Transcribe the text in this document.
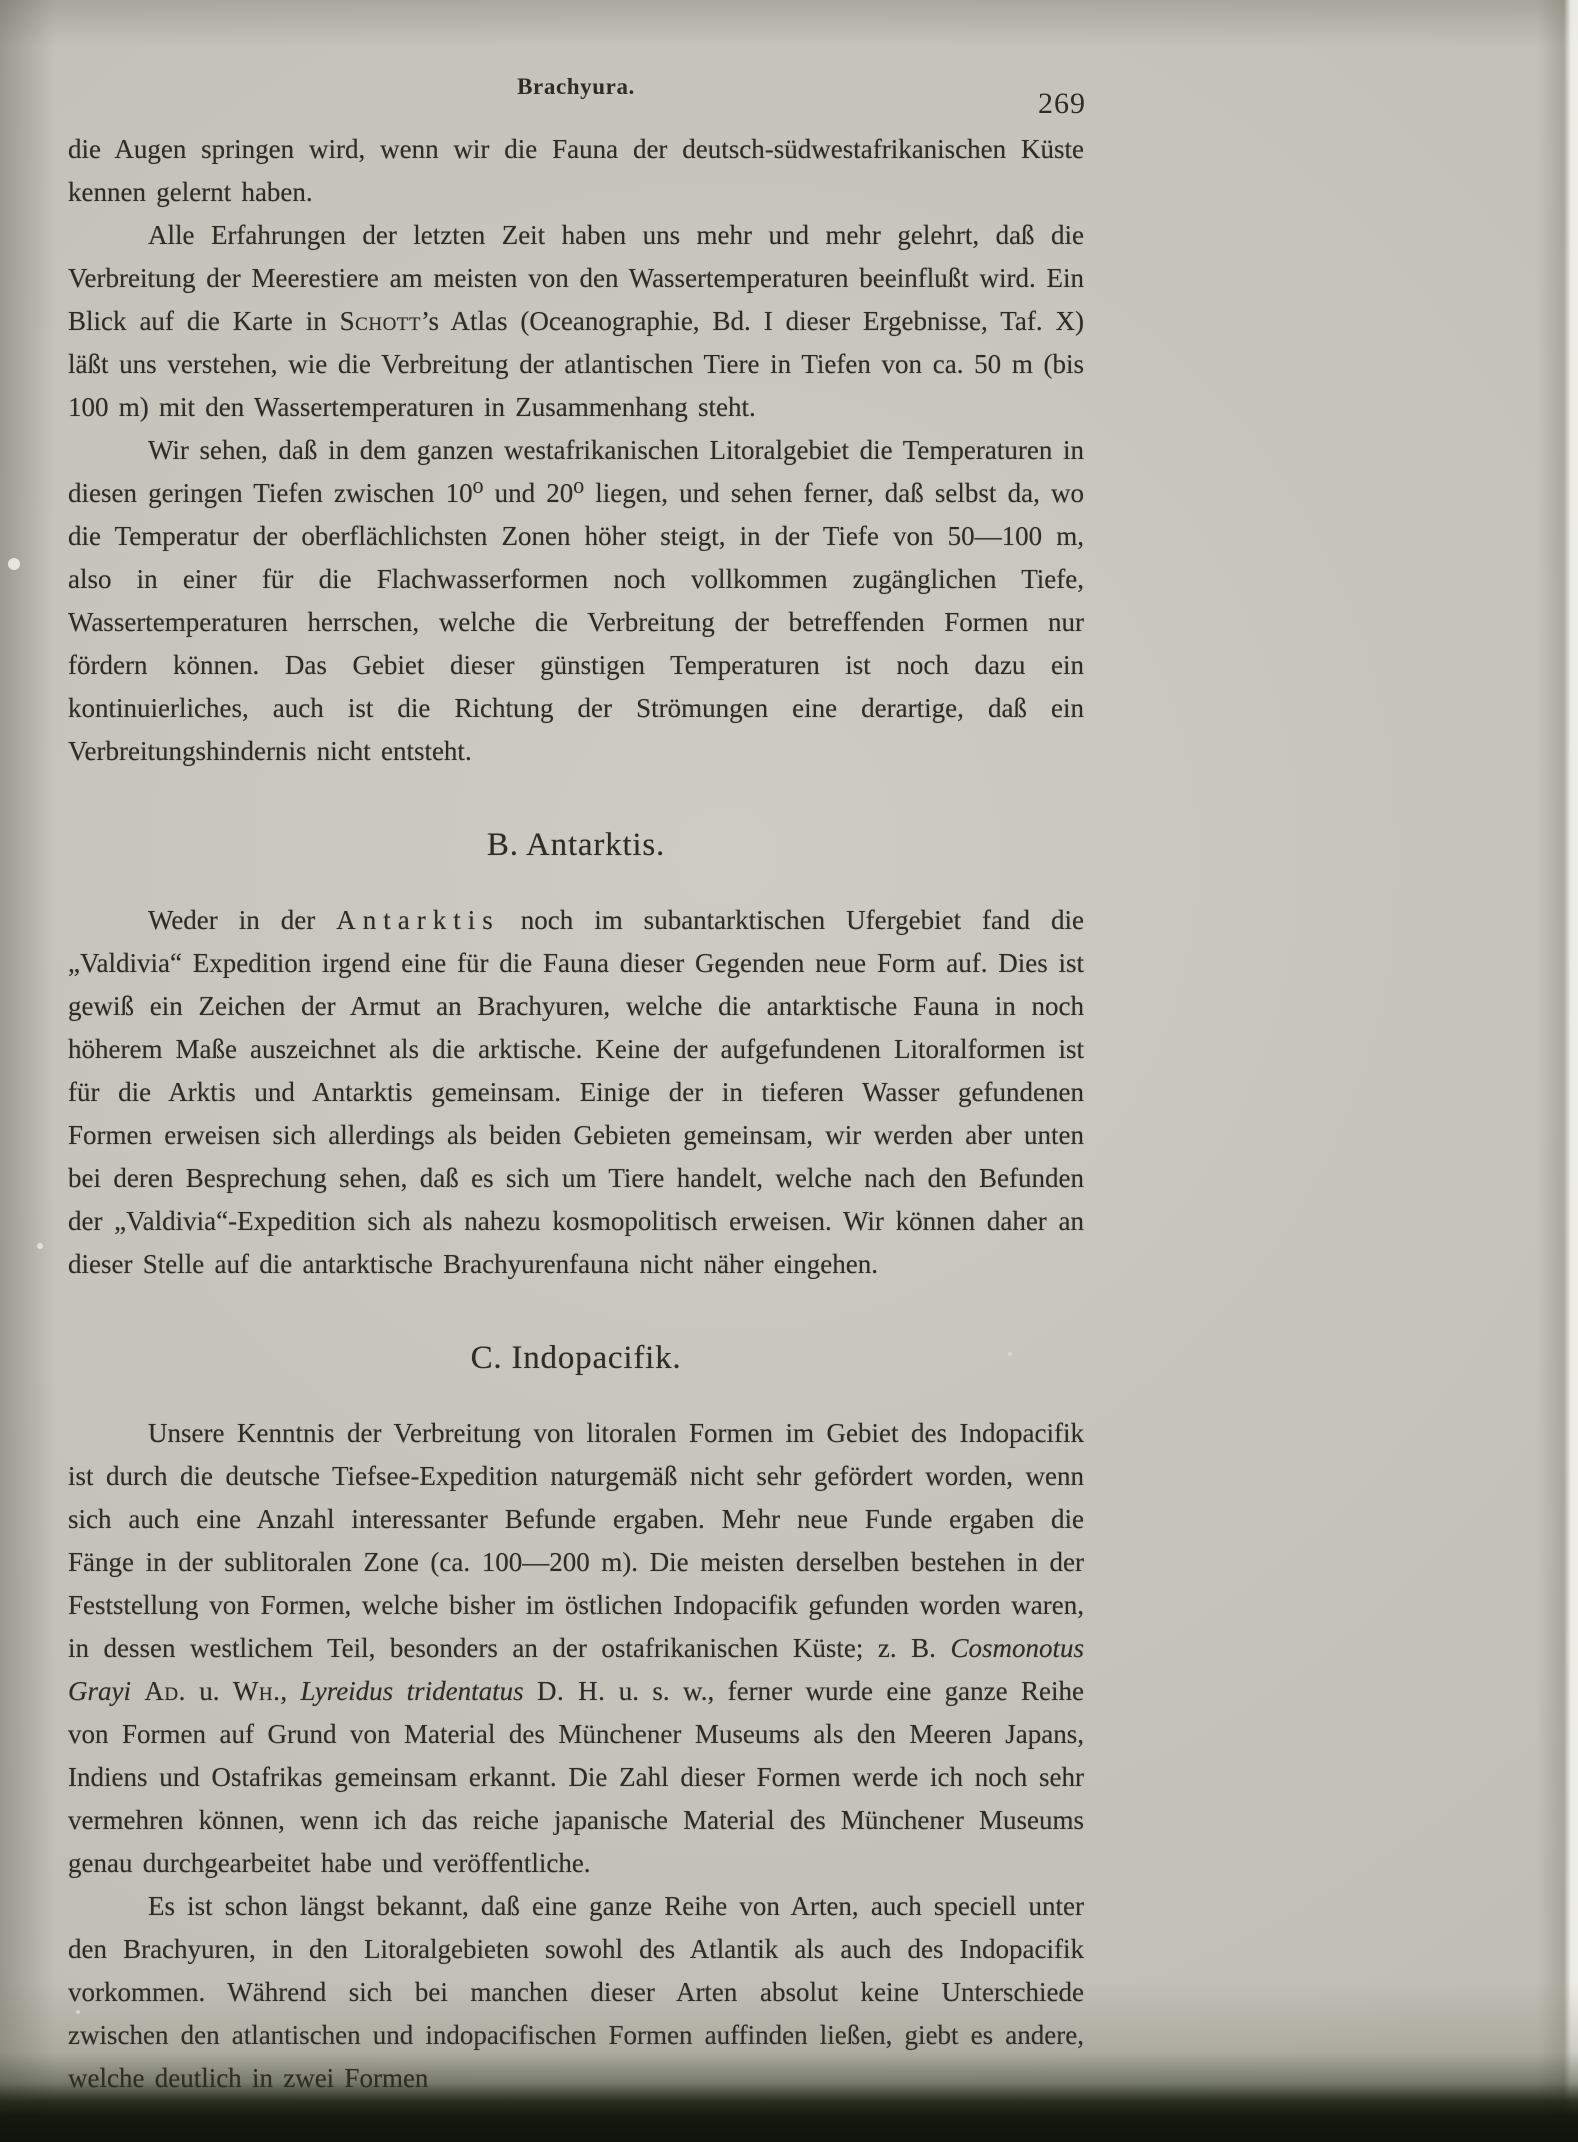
Brachyura.
269

die Augen springen wird, wenn wir die Fauna der deutsch-südwestafrikanischen Küste kennen gelernt haben.

Alle Erfahrungen der letzten Zeit haben uns mehr und mehr gelehrt, daß die Verbreitung der Meerestiere am meisten von den Wassertemperaturen beeinflußt wird. Ein Blick auf die Karte in Schott’s Atlas (Oceanographie, Bd. I dieser Ergebnisse, Taf. X) läßt uns verstehen, wie die Verbreitung der atlantischen Tiere in Tiefen von ca. 50 m (bis 100 m) mit den Wassertemperaturen in Zusammenhang steht.

Wir sehen, daß in dem ganzen westafrikanischen Litoralgebiet die Temperaturen in diesen geringen Tiefen zwischen 10⁰ und 20⁰ liegen, und sehen ferner, daß selbst da, wo die Temperatur der oberflächlichsten Zonen höher steigt, in der Tiefe von 50—100 m, also in einer für die Flachwasserformen noch vollkommen zugänglichen Tiefe, Wassertemperaturen herrschen, welche die Verbreitung der betreffenden Formen nur fördern können. Das Gebiet dieser günstigen Temperaturen ist noch dazu ein kontinuierliches, auch ist die Richtung der Strömungen eine derartige, daß ein Verbreitungshindernis nicht entsteht.

B. Antarktis.

Weder in der Antarktis noch im subantarktischen Ufergebiet fand die „Valdivia“ Expedition irgend eine für die Fauna dieser Gegenden neue Form auf. Dies ist gewiß ein Zeichen der Armut an Brachyuren, welche die antarktische Fauna in noch höherem Maße auszeichnet als die arktische. Keine der aufgefundenen Litoralformen ist für die Arktis und Antarktis gemeinsam. Einige der in tieferen Wasser gefundenen Formen erweisen sich allerdings als beiden Gebieten gemeinsam, wir werden aber unten bei deren Besprechung sehen, daß es sich um Tiere handelt, welche nach den Befunden der „Valdivia“-Expedition sich als nahezu kosmopolitisch erweisen. Wir können daher an dieser Stelle auf die antarktische Brachyurenfauna nicht näher eingehen.

C. Indopacifik.

Unsere Kenntnis der Verbreitung von litoralen Formen im Gebiet des Indopacifik ist durch die deutsche Tiefsee-Expedition naturgemäß nicht sehr gefördert worden, wenn sich auch eine Anzahl interessanter Befunde ergaben. Mehr neue Funde ergaben die Fänge in der sublitoralen Zone (ca. 100—200 m). Die meisten derselben bestehen in der Feststellung von Formen, welche bisher im östlichen Indopacifik gefunden worden waren, in dessen westlichem Teil, besonders an der ostafrikanischen Küste; z. B. Cosmonotus Grayi Ad. u. Wh., Lyreidus tridentatus D. H. u. s. w., ferner wurde eine ganze Reihe von Formen auf Grund von Material des Münchener Museums als den Meeren Japans, Indiens und Ostafrikas gemeinsam erkannt. Die Zahl dieser Formen werde ich noch sehr vermehren können, wenn ich das reiche japanische Material des Münchener Museums genau durchgearbeitet habe und veröffentliche.

Es ist schon längst bekannt, daß eine ganze Reihe von Arten, auch speciell unter den Brachyuren, in den Litoralgebieten sowohl des Atlantik als auch des Indopacifik vorkommen. Während sich bei manchen dieser Arten absolut keine Unterschiede zwischen den atlantischen und indopacifischen Formen auffinden ließen, giebt es andere, welche deutlich in zwei Formen
